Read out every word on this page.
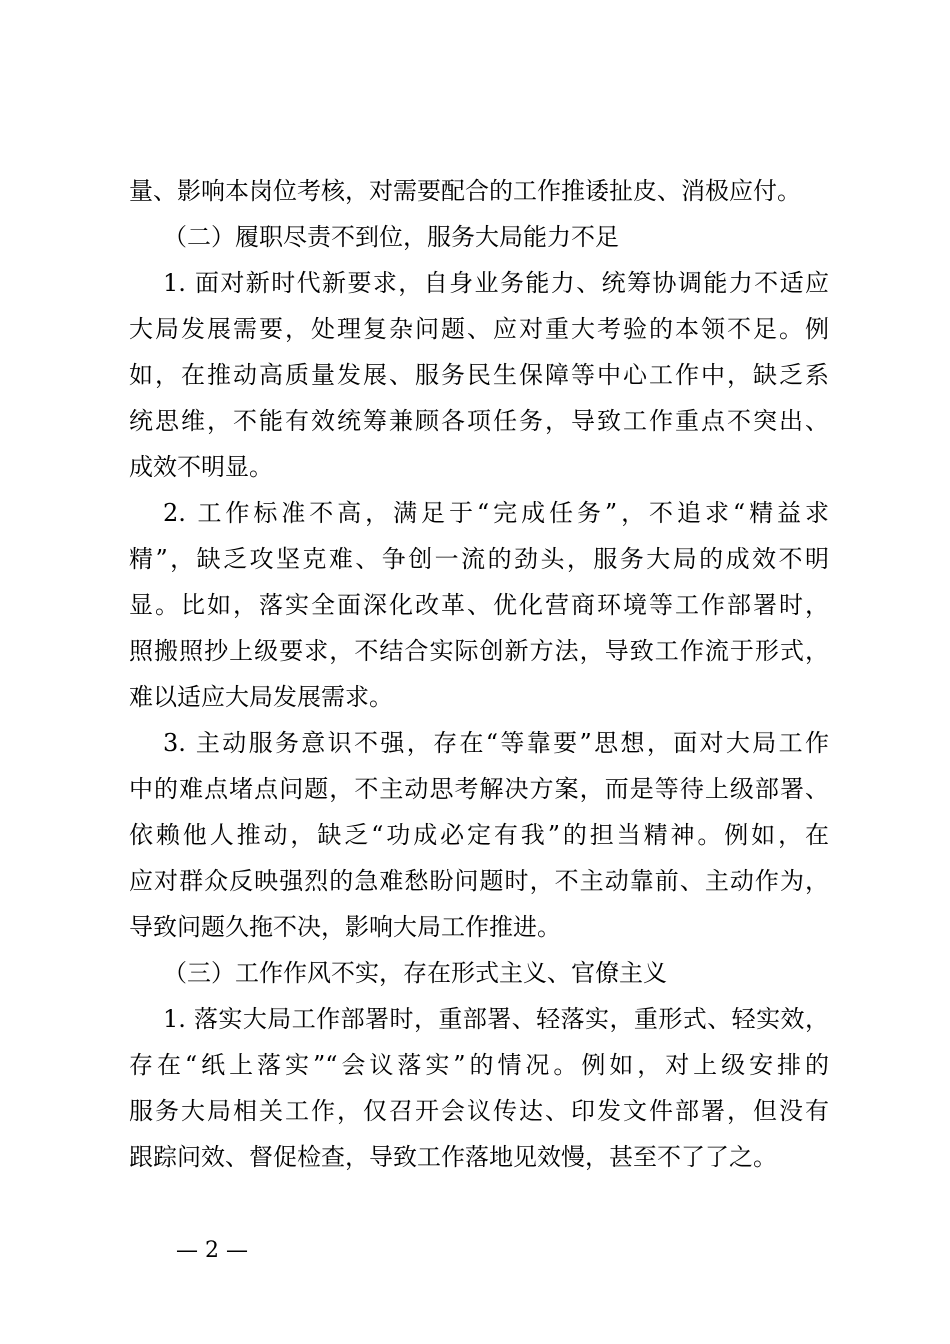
量、影响本岗位考核，对需要配合的工作推诿扯皮、消极应付。
（二）履职尽责不到位，服务大局能力不足
1. 面对新时代新要求，自身业务能力、统筹协调能力不适应
大局发展需要，处理复杂问题、应对重大考验的本领不足。例
如，在推动高质量发展、服务民生保障等中心工作中，缺乏系
统思维，不能有效统筹兼顾各项任务，导致工作重点不突出、
成效不明显。
2. 工作标准不高，满足于“完成任务”，不追求“精益求
精”，缺乏攻坚克难、争创一流的劲头，服务大局的成效不明
显。比如，落实全面深化改革、优化营商环境等工作部署时，
照搬照抄上级要求，不结合实际创新方法，导致工作流于形式，
难以适应大局发展需求。
3. 主动服务意识不强，存在“等靠要”思想，面对大局工作
中的难点堵点问题，不主动思考解决方案，而是等待上级部署、
依赖他人推动，缺乏“功成必定有我”的担当精神。例如，在
应对群众反映强烈的急难愁盼问题时，不主动靠前、主动作为，
导致问题久拖不决，影响大局工作推进。
（三）工作作风不实，存在形式主义、官僚主义
1. 落实大局工作部署时，重部署、轻落实，重形式、轻实效，
存在“纸上落实”“会议落实”的情况。例如，对上级安排的
服务大局相关工作，仅召开会议传达、印发文件部署，但没有
跟踪问效、督促检查，导致工作落地见效慢，甚至不了了之。
— 2 —
